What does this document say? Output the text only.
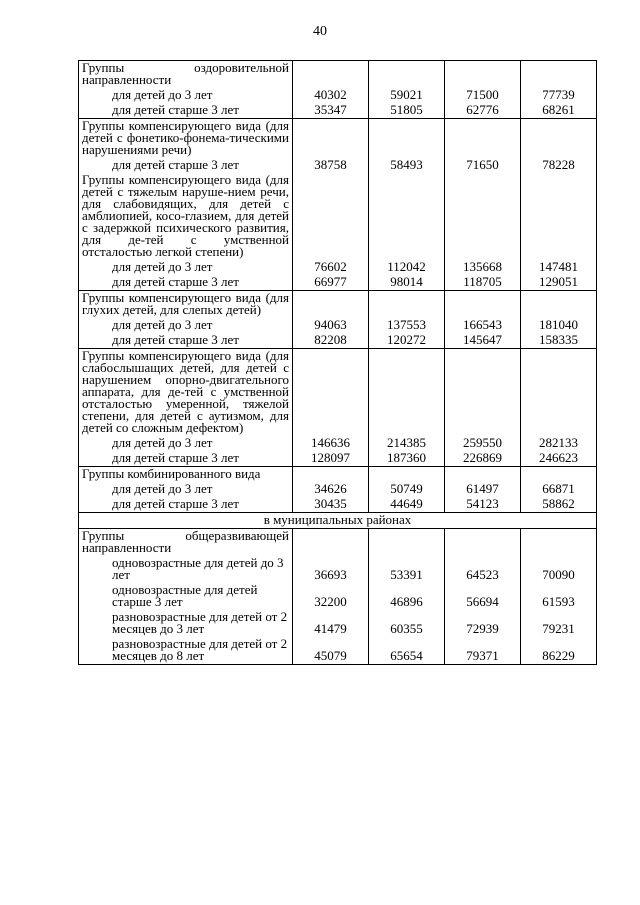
40
Группы оздоровительной направленности				
для детей до 3 лет	40302	59021	71500	77739
для детей старше 3 лет	35347	51805	62776	68261
Группы компенсирующего вида (для детей с фонетико-фонема-тическими нарушениями речи)				
для детей старше 3 лет	38758	58493	71650	78228
Группы компенсирующего вида (для детей с тяжелым наруше-нием речи, для слабовидящих, для детей с амблиопией, косо-глазием, для детей с задержкой психического развития, для де-тей с умственной отсталостью легкой степени)				
для детей до 3 лет	76602	112042	135668	147481
для детей старше 3 лет	66977	98014	118705	129051
Группы компенсирующего вида (для глухих детей, для слепых детей)				
для детей до 3 лет	94063	137553	166543	181040
для детей старше 3 лет	82208	120272	145647	158335
Группы компенсирующего вида (для слабослышащих детей, для детей с нарушением опорно-двигательного аппарата, для де-тей с умственной отсталостью умеренной, тяжелой степени, для детей с аутизмом, для детей со сложным дефектом)				
для детей до 3 лет	146636	214385	259550	282133
для детей старше 3 лет	128097	187360	226869	246623
Группы комбинированного вида				
для детей до 3 лет	34626	50749	61497	66871
для детей старше 3 лет	30435	44649	54123	58862
в муниципальных районах				
Группы общеразвивающей направленности				
одновозрастные для детей до 3 лет	36693	53391	64523	70090
одновозрастные для детей старше 3 лет	32200	46896	56694	61593
разновозрастные для детей от 2 месяцев до 3 лет	41479	60355	72939	79231
разновозрастные для детей от 2 месяцев до 8 лет	45079	65654	79371	86229
